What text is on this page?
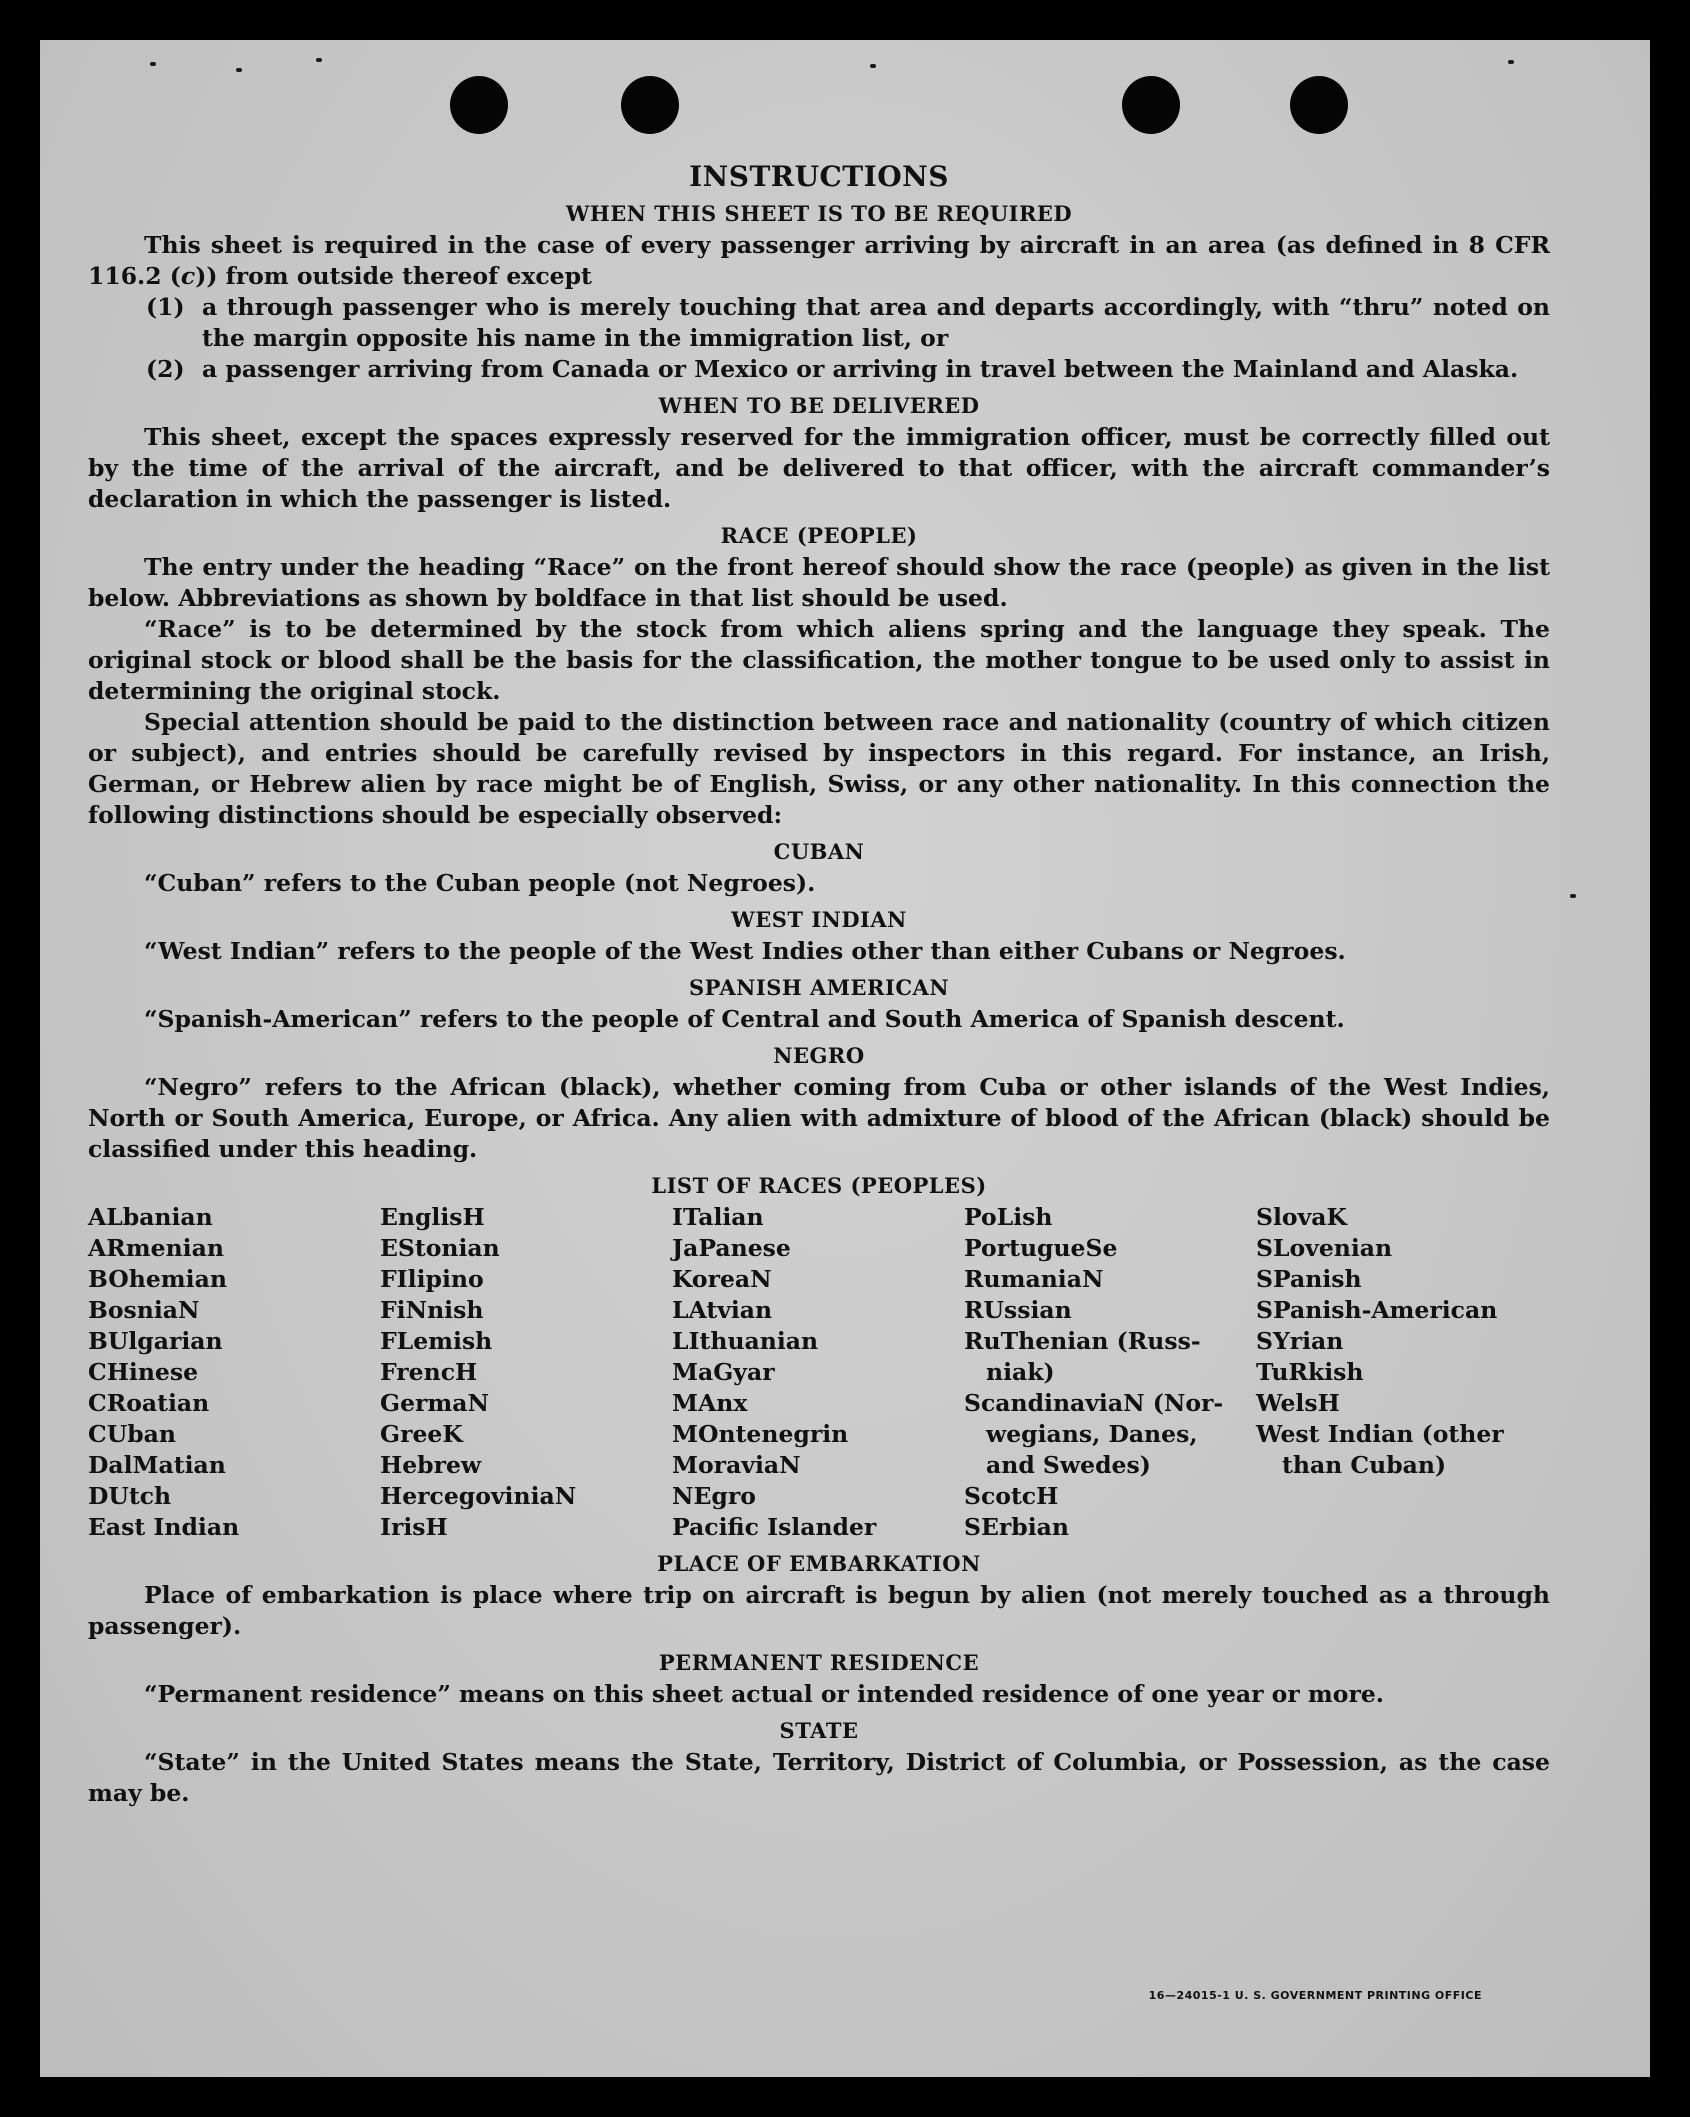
INSTRUCTIONS
WHEN THIS SHEET IS TO BE REQUIRED

This sheet is required in the case of every passenger arriving by aircraft in an area (as defined in 8 CFR 116.2 (c)) from outside thereof except

(1) a through passenger who is merely touching that area and departs accordingly, with “thru” noted on the margin opposite his name in the immigration list, or
(2) a passenger arriving from Canada or Mexico or arriving in travel between the Mainland and Alaska.
WHEN TO BE DELIVERED

This sheet, except the spaces expressly reserved for the immigration officer, must be correctly filled out by the time of the arrival of the aircraft, and be delivered to that officer, with the aircraft commander’s declaration in which the passenger is listed.

RACE (PEOPLE)

The entry under the heading “Race” on the front hereof should show the race (people) as given in the list below. Abbreviations as shown by boldface in that list should be used.

“Race” is to be determined by the stock from which aliens spring and the language they speak. The original stock or blood shall be the basis for the classification, the mother tongue to be used only to assist in determining the original stock.

Special attention should be paid to the distinction between race and nationality (country of which citizen or subject), and entries should be carefully revised by inspectors in this regard. For instance, an Irish, German, or Hebrew alien by race might be of English, Swiss, or any other nationality. In this connection the following distinctions should be especially observed:

CUBAN

“Cuban” refers to the Cuban people (not Negroes).

WEST INDIAN

“West Indian” refers to the people of the West Indies other than either Cubans or Negroes.

SPANISH AMERICAN

“Spanish-American” refers to the people of Central and South America of Spanish descent.

NEGRO

“Negro” refers to the African (black), whether coming from Cuba or other islands of the West Indies, North or South America, Europe, or Africa. Any alien with admixture of blood of the African (black) should be classified under this heading.

LIST OF RACES (PEOPLES)
ALbanian
ARmenian
BOhemian
BosniaN
BUlgarian
CHinese
CRoatian
CUban
DalMatian
DUtch
East Indian
EnglisH
EStonian
FIlipino
FiNnish
FLemish
FrencH
GermaN
GreeK
Hebrew
HercegoviniaN
IrisH
ITalian
JaPanese
KoreaN
LAtvian
LIthuanian
MaGyar
MAnx
MOntenegrin
MoraviaN
NEgro
Pacific Islander
PoLish
PortugueSe
RumaniaN
RUssian
RuThenian (Russ-
niak)
ScandinaviaN (Nor-
wegians, Danes,
and Swedes)
ScotcH
SErbian
SlovaK
SLovenian
SPanish
SPanish-American
SYrian
TuRkish
WelsH
West Indian (other
than Cuban)
PLACE OF EMBARKATION

Place of embarkation is place where trip on aircraft is begun by alien (not merely touched as a through passenger).

PERMANENT RESIDENCE

“Permanent residence” means on this sheet actual or intended residence of one year or more.

STATE

“State” in the United States means the State, Territory, District of Columbia, or Possession, as the case may be.

16—24015-1 U. S. GOVERNMENT PRINTING OFFICE
